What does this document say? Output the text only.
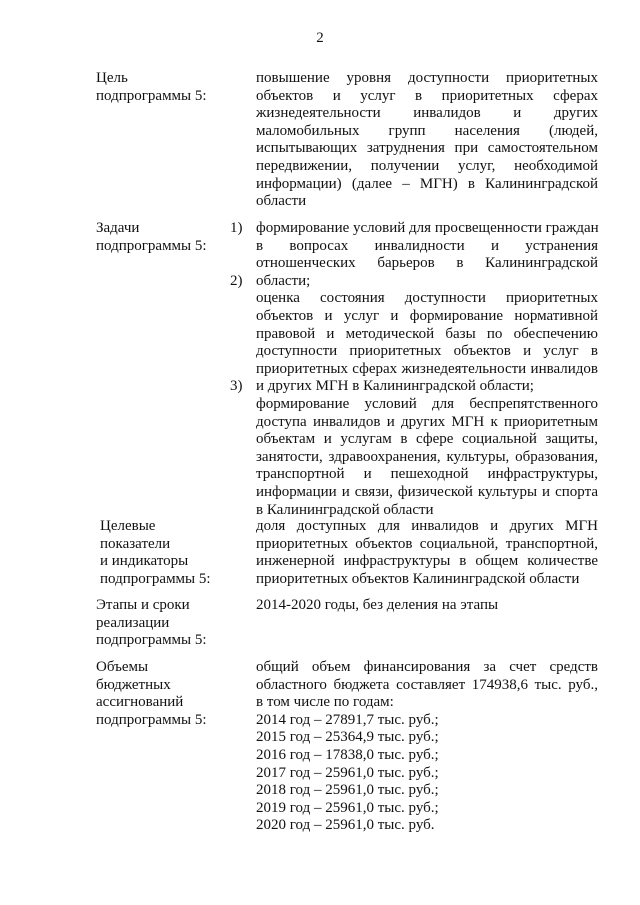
2
Цель
подпрограммы 5:
повышение уровня доступности приоритетных
объектов и услуг в приоритетных сферах
жизнедеятельности инвалидов и других
маломобильных групп населения (людей,
испытывающих затруднения при самостоятельном
передвижении, получении услуг, необходимой
информации) (далее – МГН) в Калининградской
области
Задачи
подпрограммы 5:
1)
2)
3)
формирование условий для просвещенности граждан
в вопросах инвалидности и устранения
отношенческих барьеров в Калининградской
области;
оценка состояния доступности приоритетных
объектов и услуг и формирование нормативной
правовой и методической базы по обеспечению
доступности приоритетных объектов и услуг в
приоритетных сферах жизнедеятельности инвалидов
и других МГН в Калининградской области;
формирование условий для беспрепятственного
доступа инвалидов и других МГН к приоритетным
объектам и услугам в сфере социальной защиты,
занятости, здравоохранения, культуры, образования,
транспортной и пешеходной инфраструктуры,
информации и связи, физической культуры и спорта
в Калининградской области
Целевые
показатели
и индикаторы
подпрограммы 5:
доля доступных для инвалидов и других МГН
приоритетных объектов социальной, транспортной,
инженерной инфраструктуры в общем количестве
приоритетных объектов Калининградской области
Этапы и сроки
реализации
подпрограммы 5:
2014-2020 годы, без деления на этапы
Объемы
бюджетных
ассигнований
подпрограммы 5:
общий объем финансирования за счет средств
областного бюджета составляет 174938,6 тыс. руб.,
в том числе по годам:
2014 год – 27891,7 тыс. руб.;
2015 год – 25364,9 тыс. руб.;
2016 год – 17838,0 тыс. руб.;
2017 год – 25961,0 тыс. руб.;
2018 год – 25961,0 тыс. руб.;
2019 год – 25961,0 тыс. руб.;
2020 год – 25961,0 тыс. руб.
